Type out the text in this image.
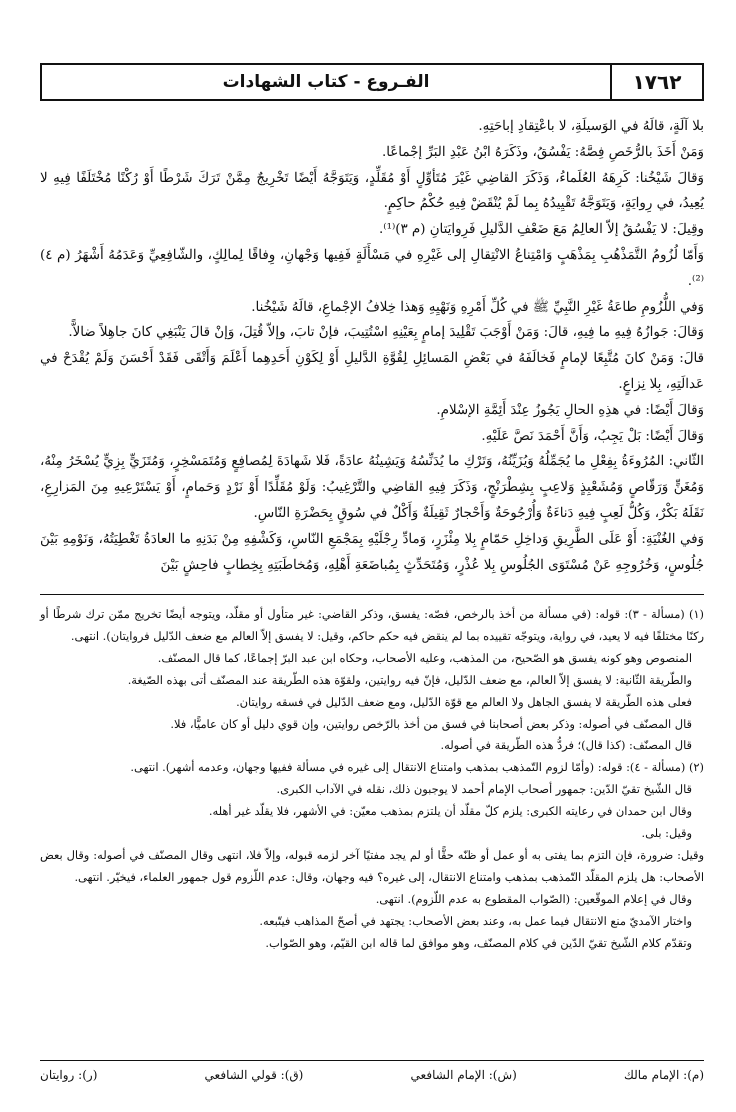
١٧٦٢
الفـروع - كتاب الشهادات

بلا آلَةٍ، قالَهُ في الوَسيلَةِ، لا باعْتِقادِ إباحَتِهِ.

وَمَنْ أَخَذَ بالرُّخَصِ فِصَّهُ: يَفْسُقُ، وذَكَرَهُ ابْنُ عَبْدِ البَرِّ إجْماعًا.

وَقالَ شَيْخُنا: كَرِهَهُ العُلَماءُ، وَذَكَرَ القاضِي غَيْرَ مُتَأوِّلٍ أَوْ مُقَلِّدٍ، وَيَتَوَجَّهُ أَيْضًا تَخْرِيجٌ مِمَّنْ تَرَكَ شَرْطًا أَوْ رُكْنًا مُخْتَلَفًا فِيهِ لا يُعِيدُ، في رِوايَةٍ، وَيَتَوَجَّهُ تَقْيِيدُهُ بِما لَمْ يُنْقَضْ فِيهِ حُكْمُ حاكِمٍ.

وقِيلَ: لا يَفْسُقُ إلاّ العالِمُ مَعَ ضَعْفِ الدَّليلِ فَرِوايَتانِ (م ٣)⁽¹⁾.

وَأَمّا لُزُومُ التَّمَذْهُبِ بِمَذْهَبٍ وَامْتِناعُ الانْتِقالِ إلى غَيْرِهِ في مَسْأَلَةٍ فَفِيها وَجْهانِ، وِفاقًا لِمالِكٍ، والشّافِعِيِّ وَعَدَمُهُ أَشْهَرُ (م ٤)⁽²⁾.

وَفي اللُّزُومِ طاعَةُ غَيْرِ النَّبِيِّ ﷺ في كُلِّ أَمْرِهِ وَنَهْيِهِ وَهذا خِلافُ الإجْماعِ، قالَهُ شَيْخُنا.

وَقالَ: جَوازُهُ فِيهِ ما فِيهِ، قالَ: وَمَنْ أَوْجَبَ تَقْلِيدَ إمامٍ بِعَيْنِهِ اسْتُتِيبَ، فإنْ تابَ، وإلاّ قُتِلَ، وَإنْ قالَ يَنْبَغِي كانَ جاهِلاً ضالاًّ.

قالَ: وَمَنْ كانَ مُتَّبِعًا لإمامٍ فَخالَفَهُ في بَعْضِ المَسائِلِ لِقُوَّةِ الدَّليلِ أَوْ لِكَوْنِ أَحَدِهِما أَعْلَمَ وَأَتْقَى فَقَدْ أَحْسَنَ وَلَمْ يُقْدَحْ في عَدالَتِهِ، بِلا نِزاعٍ.

وَقالَ أَيْضًا: في هذِهِ الحالِ يَجُوزُ عِنْدَ أَئِمَّةِ الإسْلامِ.

وَقالَ أَيْضًا: بَلْ يَجِبُ، وَأَنَّ أَحْمَدَ نَصَّ عَلَيْهِ.

الثّاني: المُرُوءَةُ بِفِعْلِ ما يُجَمِّلُهُ وَيُزَيِّنُهُ، وَتَرْكِ ما يُدَنِّسُهُ وَيَشِينُهُ عادَةً، فَلا شَهادَةَ لِمُصافِعٍ وَمُتَمَسْخِرٍ، وَمُتَزَيٍّ بِزِيٍّ يُسْخَرُ مِنْهُ، وَمُغَنٍّ وَرَقّاصٍ وَمُشَعْبِذٍ وَلاعِبٍ بِشِطْرَنْجٍ، وَذَكَرَ فِيهِ القاضِي والتَّرْغِيبُ: وَلَوْ مُقَلِّدًا أَوْ نَرْدٍ وَحَمامٍ، أَوْ يَسْتَرْعِيهِ مِنَ المَزارِعِ، نَقَلَهُ بَكْرٌ، وَكُلُّ لَعِبٍ فِيهِ دَناءَةٌ وَأُرْجُوحَةٌ وَأَحْجارٌ ثَقِيلَةٌ وَأَكْلٌ في سُوقٍ بِحَضْرَةِ النّاسِ.

وَفي الغُنْيَةِ: أَوْ عَلَى الطَّرِيقِ وَداخِلِ حَمّامٍ بِلا مِئْزَرٍ، وَمادِّ رِجْلَيْهِ بِمَجْمَعِ النّاسِ، وَكَشْفِهِ مِنْ بَدَنِهِ ما العادَةُ تَغْطِيَتُهُ، وَنَوْمِهِ بَيْنَ جُلُوسٍ، وَخُرُوجِهِ عَنْ مُسْتَوَى الجُلُوسِ بِلا عُذْرٍ، وَمُتَحَدِّثٍ بِمُباضَعَةِ أَهْلِهِ، وَمُخاطَبَتِهِ بِخِطابٍ فاحِشٍ بَيْنَ

(١) (مسألة - ٣): قوله: (في مسألة من أخذ بالرخص، فصّه: يفسق، وذكر القاضي: غير متأول أو مقلّد، ويتوجه أيضًا تخريج ممّن ترك شرطًا أو ركنًا مختلفًا فيه لا يعيد، في رواية، ويتوجّه تقييده بما لم ينقض فيه حكم حاكم، وقيل: لا يفسق إلاّ العالم مع ضعف الدّليل فروايتان). انتهى.

المنصوص وهو كونه يفسق هو الصّحيح، من المذهب، وعليه الأصحاب، وحكاه ابن عبد البرّ إجماعًا، كما قال المصنّف.

والطّريقة الثّانية: لا يفسق إلاّ العالم، مع ضعف الدّليل، فإنّ فيه روايتين، ولقوّة هذه الطّريقة عند المصنّف أتى بهذه الصّيغة.

فعلى هذه الطّريقة لا يفسق الجاهل ولا العالم مع قوّة الدّليل، ومع ضعف الدّليل في فسقه روايتان.

قال المصنّف في أصوله: وذكر بعض أصحابنا في فسق من أخذ بالرّخص روايتين، وإن قوي دليل أو كان عاميًّا، فلا.

قال المصنّف: (كذا قال)؛ فردُّ هذه الطّريقة في أصوله.

(٢) (مسألة - ٤): قوله: (وأمّا لزوم التّمذهب بمذهب وامتناع الانتقال إلى غيره في مسألة ففيها وجهان، وعدمه أشهر). انتهى.

قال الشّيخ تقيّ الدّين: جمهور أصحاب الإمام أحمد لا يوجبون ذلك، نقله في الآداب الكبرى.

وقال ابن حمدان في رعايته الكبرى: يلزم كلّ مقلّد أن يلتزم بمذهب معيّن: في الأشهر، فلا يقلّد غير أهله.

وقيل: بلى.

وقيل: ضرورة، فإن التزم بما يفتى به أو عمل أو ظنّه حقًّا أو لم يجد مفتيًا آخر لزمه قبوله، وإلاّ فلا، انتهى وقال المصنّف في أصوله: وقال بعض الأصحاب: هل يلزم المقلّد التّمذهب بمذهب وامتناع الانتقال، إلى غيره؟ فيه وجهان، وقال: عدم اللّزوم قول جمهور العلماء، فيخيّر. انتهى.

وقال في إعلام الموقّعين: (الصّواب المقطوع به عدم اللّزوم). انتهى.

واختار الآمديّ منع الانتقال فيما عمل به، وعند بعض الأصحاب: يجتهد في أصحّ المذاهب فيتّبعه.

وتقدّم كلام الشّيخ تقيّ الدّين في كلام المصنّف، وهو موافق لما قاله ابن القيّم، وهو الصّواب.

(م): الإمام مالك
(ش): الإمام الشافعي
(ق): قولي الشافعي
(ر): روايتان
